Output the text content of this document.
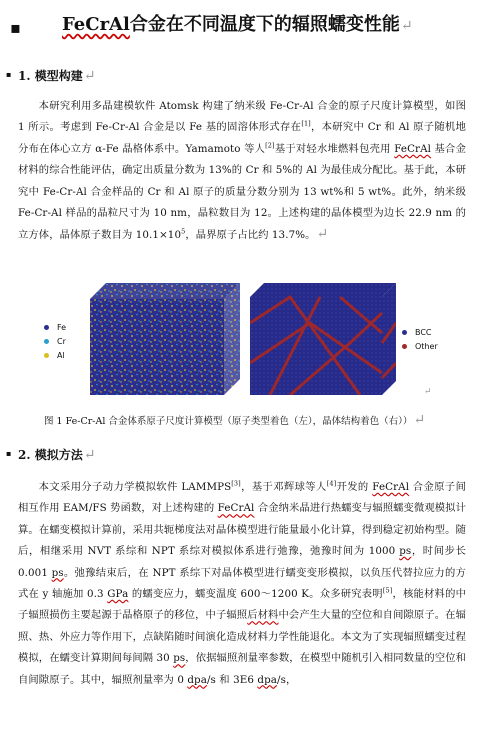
▪ FeCrAl合金在不同温度下的辐照蠕变性能↵
▪ 1. 模型构建↵
本研究利用多晶建模软件 Atomsk 构建了纳米级 Fe-Cr-Al 合金的原子尺度计算模型，如图 1 所示。考虑到 Fe-Cr-Al 合金是以 Fe 基的固溶体形式存在[1]，本研究中 Cr 和 Al 原子随机地分布在体心立方 α-Fe 晶格体系中。Yamamoto 等人[2]基于对轻水堆燃料包壳用 FeCrAl 基合金材料的综合性能评估，确定出质量分数为 13%的 Cr 和 5%的 Al 为最佳成分配比。基于此，本研究中 Fe-Cr-Al 合金样品的 Cr 和 Al 原子的质量分数分别为 13 wt%和 5 wt%。此外，纳米级 Fe-Cr-Al 样品的晶粒尺寸为 10 nm，晶粒数目为 12。上述构建的晶体模型为边长 22.9 nm 的立方体，晶体原子数目为 $10.1\times 10^5$，晶界原子占比约 13.7%。↵
Fe
Cr
Al
BCC
Other
↵
图 1 Fe-Cr-Al 合金体系原子尺度计算模型（原子类型着色（左），晶体结构着色（右））↵
▪ 2. 模拟方法↵
本文采用分子动力学模拟软件 LAMMPS[3]，基于邓辉球等人[4]开发的 FeCrAl 合金原子间相互作用 EAM/FS 势函数，对上述构建的 FeCrAl 合金纳米晶进行热蠕变与辐照蠕变微观模拟计算。在蠕变模拟计算前，采用共轭梯度法对晶体模型进行能量最小化计算，得到稳定初始构型。随后，相继采用 NVT 系综和 NPT 系综对模拟体系进行弛豫，弛豫时间为 1000 ps，时间步长 0.001 ps。弛豫结束后，在 NPT 系综下对晶体模型进行蠕变变形模拟，以负压代替拉应力的方式在 y 轴施加 0.3 GPa 的蠕变应力，蠕变温度 600～1200 K。众多研究表明[5]，核能材料的中子辐照损伤主要起源于晶格原子的移位，中子辐照后材料中会产生大量的空位和自间隙原子。在辐照、热、外应力等作用下，点缺陷随时间演化造成材料力学性能退化。本文为了实现辐照蠕变过程模拟，在蠕变计算期间每间隔 30 ps，依据辐照剂量率参数，在模型中随机引入相同数量的空位和自间隙原子。其中，辐照剂量率为 0 dpa/s 和 3E6 dpa/s，
